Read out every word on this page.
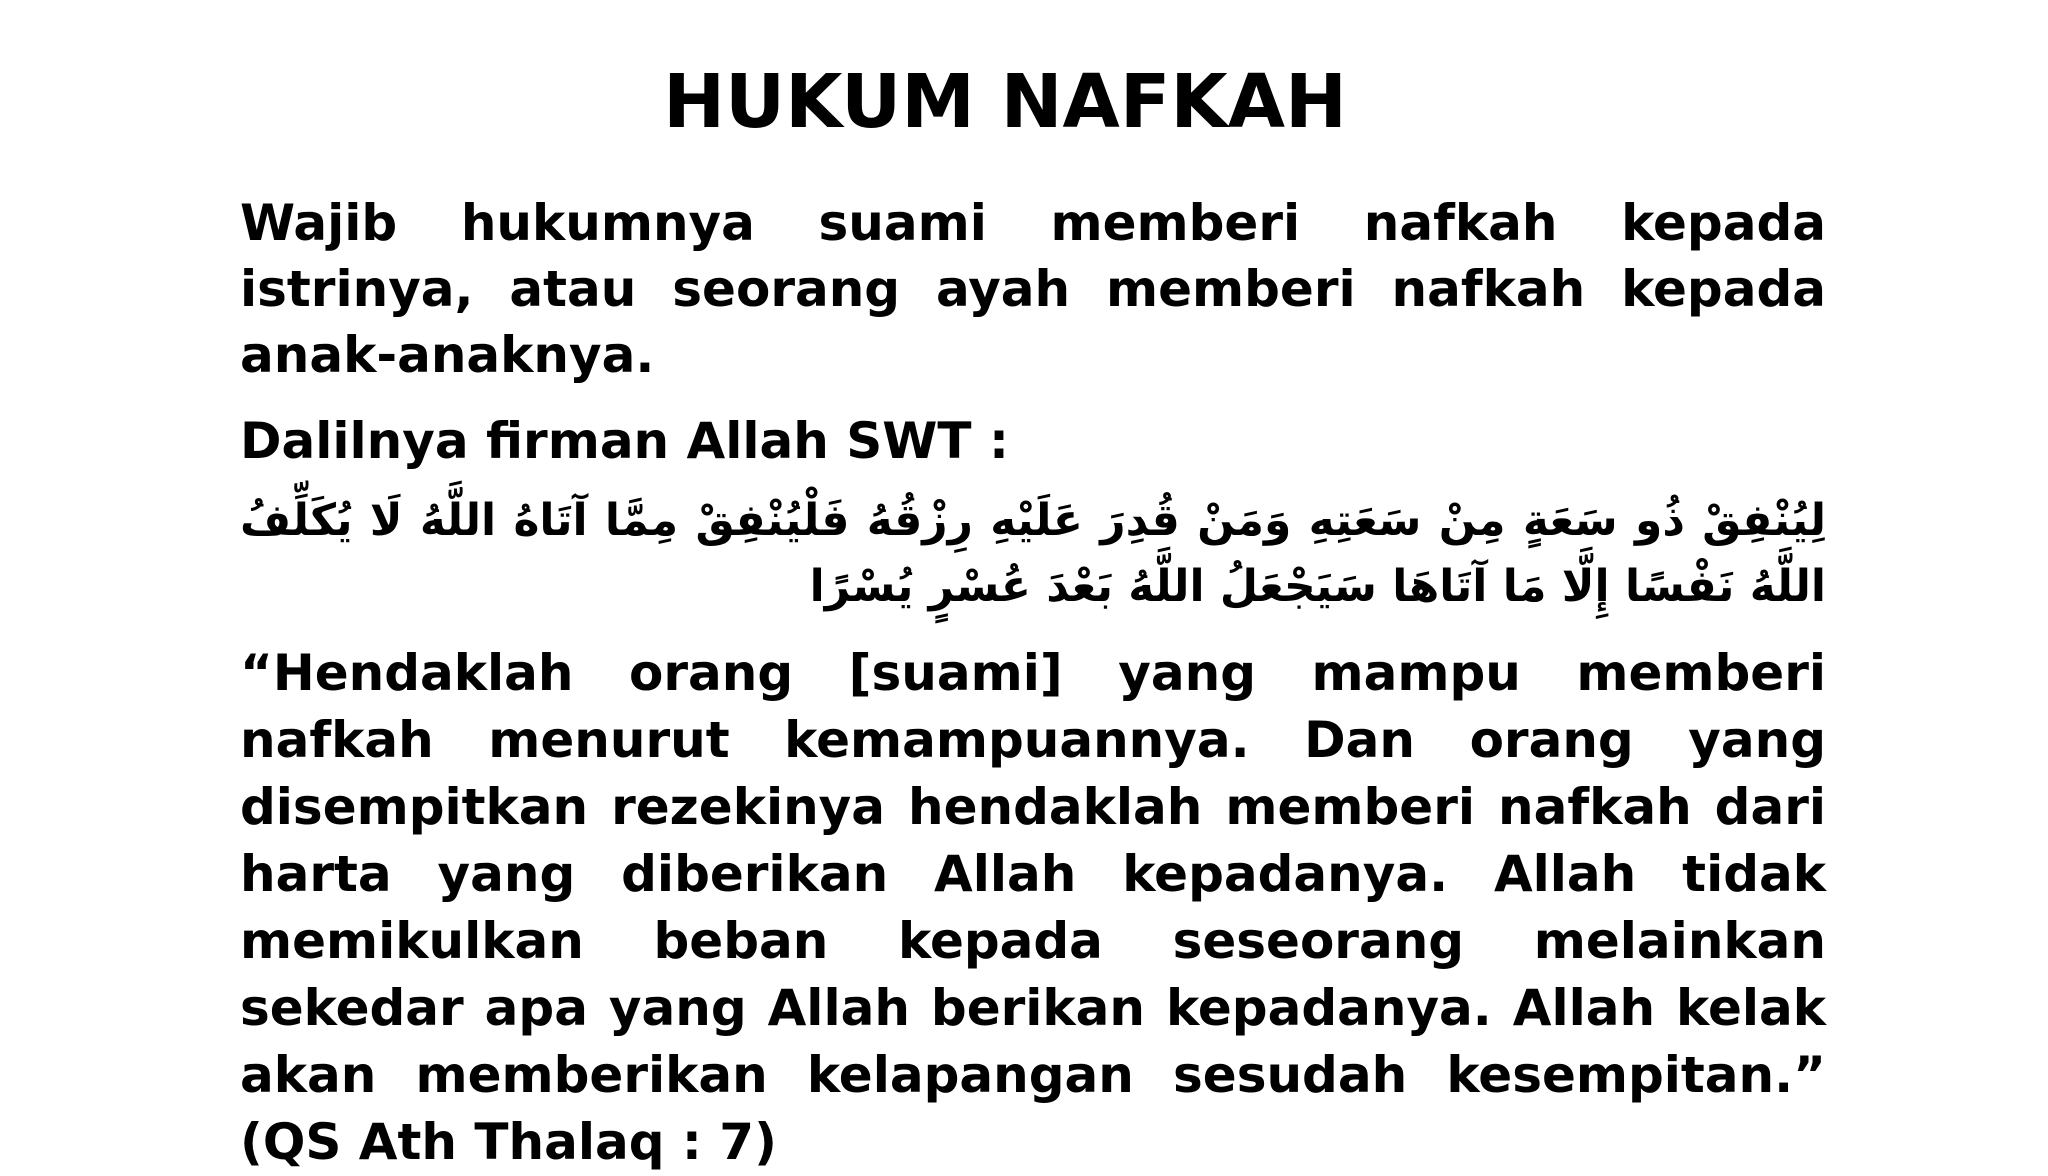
HUKUM NAFKAH

Wajib hukumnya suami memberi nafkah kepada istrinya, atau seorang ayah memberi nafkah kepada anak-anaknya.

Dalilnya firman Allah SWT :

لِيُنْفِقْ ذُو سَعَةٍ مِنْ سَعَتِهِ وَمَنْ قُدِرَ عَلَيْهِ رِزْقُهُ فَلْيُنْفِقْ مِمَّا آتَاهُ اللَّهُ لَا يُكَلِّفُ اللَّهُ نَفْسًا إِلَّا مَا آتَاهَا سَيَجْعَلُ اللَّهُ بَعْدَ عُسْرٍ يُسْرًا

“Hendaklah orang [suami] yang mampu memberi nafkah menurut kemampuannya. Dan orang yang disempitkan rezekinya hendaklah memberi nafkah dari harta yang diberikan Allah kepadanya. Allah tidak memikulkan beban kepada seseorang melainkan sekedar apa yang Allah berikan kepadanya. Allah kelak akan memberikan kelapangan sesudah kesempitan.” (QS Ath Thalaq : 7)
